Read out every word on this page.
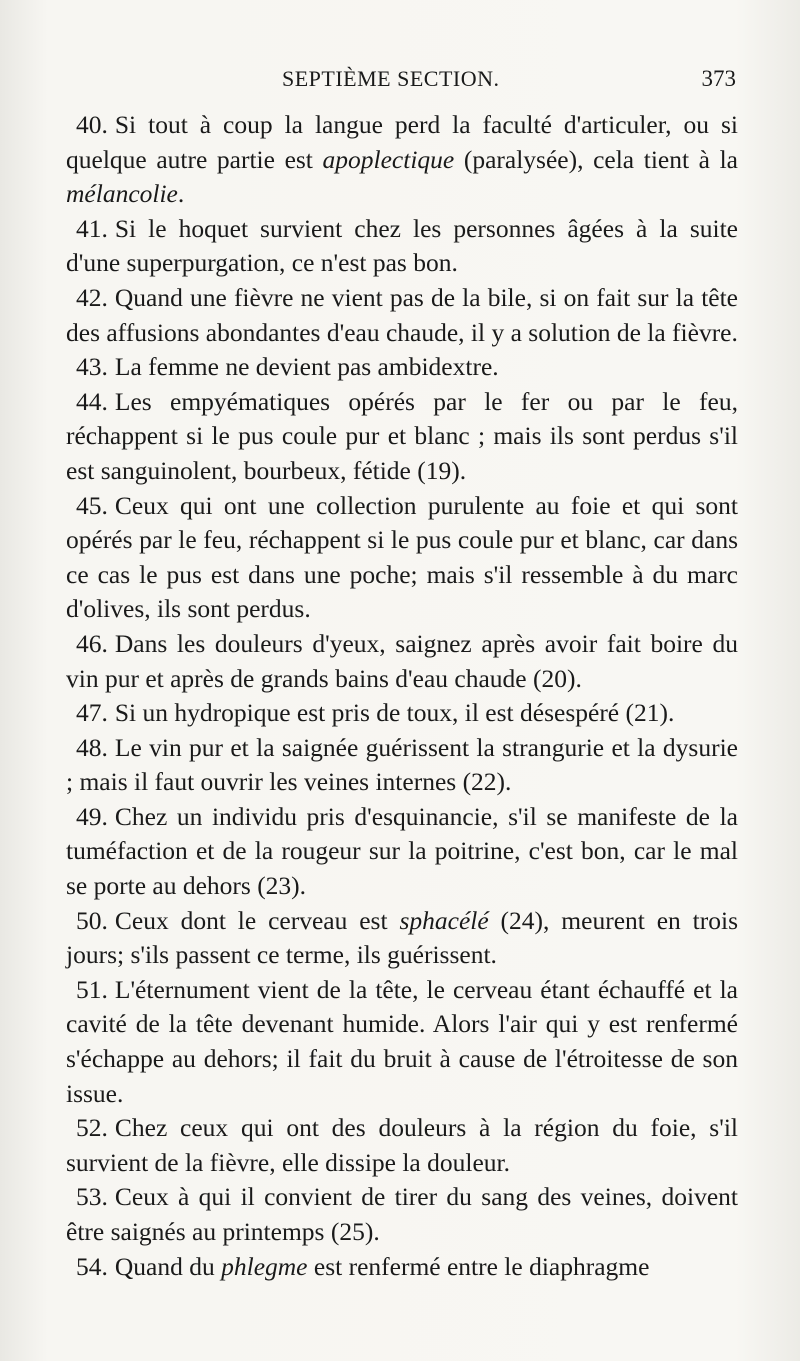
SEPTIÈME SECTION.	373

40. Si tout à coup la langue perd la faculté d'articuler, ou si quelque autre partie est apoplectique (paralysée), cela tient à la mélancolie.

41. Si le hoquet survient chez les personnes âgées à la suite d'une superpurgation, ce n'est pas bon.

42. Quand une fièvre ne vient pas de la bile, si on fait sur la tête des affusions abondantes d'eau chaude, il y a solution de la fièvre.

43. La femme ne devient pas ambidextre.

44. Les empyématiques opérés par le fer ou par le feu, réchappent si le pus coule pur et blanc ; mais ils sont perdus s'il est sanguinolent, bourbeux, fétide (19).

45. Ceux qui ont une collection purulente au foie et qui sont opérés par le feu, réchappent si le pus coule pur et blanc, car dans ce cas le pus est dans une poche; mais s'il ressemble à du marc d'olives, ils sont perdus.

46. Dans les douleurs d'yeux, saignez après avoir fait boire du vin pur et après de grands bains d'eau chaude (20).

47. Si un hydropique est pris de toux, il est désespéré (21).

48. Le vin pur et la saignée guérissent la strangurie et la dysurie ; mais il faut ouvrir les veines internes (22).

49. Chez un individu pris d'esquinancie, s'il se manifeste de la tuméfaction et de la rougeur sur la poitrine, c'est bon, car le mal se porte au dehors (23).

50. Ceux dont le cerveau est sphacélé (24), meurent en trois jours; s'ils passent ce terme, ils guérissent.

51. L'éternument vient de la tête, le cerveau étant échauffé et la cavité de la tête devenant humide. Alors l'air qui y est renfermé s'échappe au dehors; il fait du bruit à cause de l'étroitesse de son issue.

52. Chez ceux qui ont des douleurs à la région du foie, s'il survient de la fièvre, elle dissipe la douleur.

53. Ceux à qui il convient de tirer du sang des veines, doivent être saignés au printemps (25).

54. Quand du phlegme est renfermé entre le diaphragme
